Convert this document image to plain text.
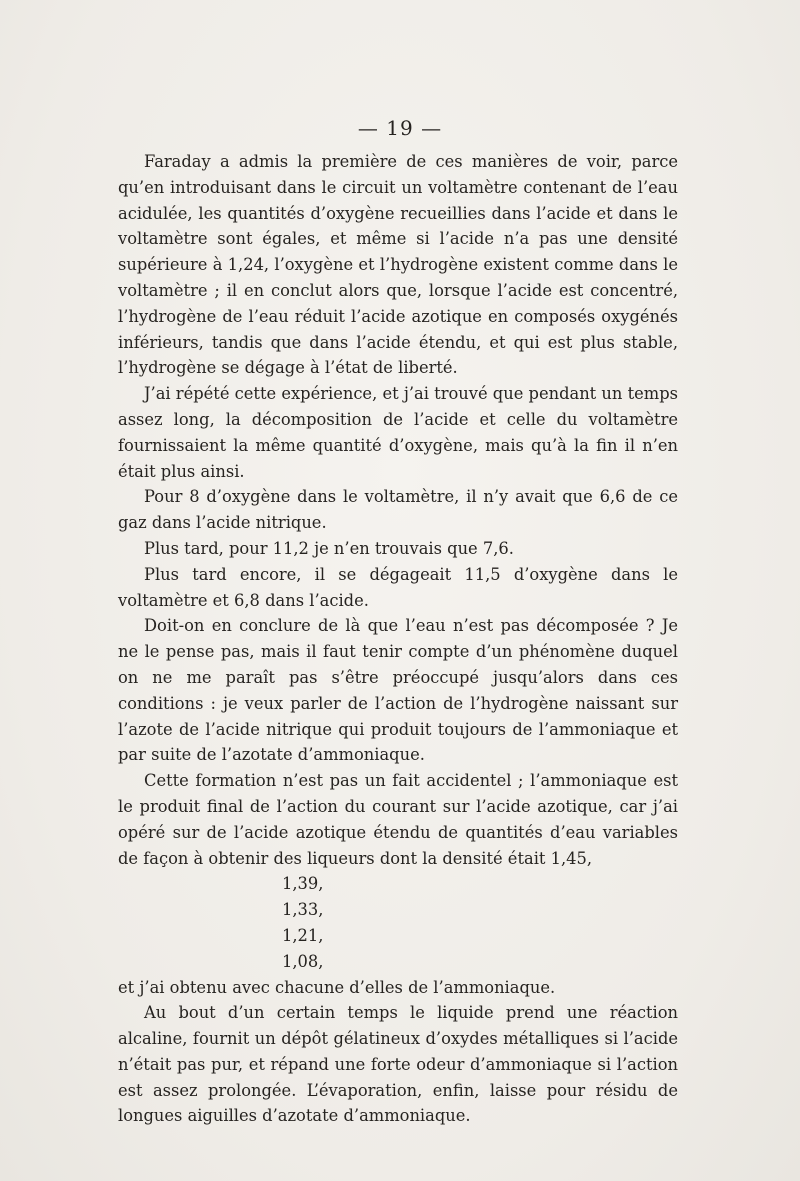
— 19 —

Faraday a admis la première de ces manières de voir, parce qu’en introduisant dans le circuit un voltamètre contenant de l’eau acidulée, les quantités d’oxygène recueillies dans l’acide et dans le voltamètre sont égales, et même si l’acide n’a pas une densité supérieure à 1,24, l’oxygène et l’hydrogène existent comme dans le voltamètre ; il en conclut alors que, lorsque l’acide est concentré, l’hydrogène de l’eau réduit l’acide azotique en composés oxygénés inférieurs, tandis que dans l’acide étendu, et qui est plus stable, l’hydrogène se dégage à l’état de liberté.

J’ai répété cette expérience, et j’ai trouvé que pendant un temps assez long, la décomposition de l’acide et celle du voltamètre fournissaient la même quantité d’oxygène, mais qu’à la fin il n’en était plus ainsi.

Pour 8 d’oxygène dans le voltamètre, il n’y avait que 6,6 de ce gaz dans l’acide nitrique.

Plus tard, pour 11,2 je n’en trouvais que 7,6.

Plus tard encore, il se dégageait 11,5 d’oxygène dans le voltamètre et 6,8 dans l’acide.

Doit-on en conclure de là que l’eau n’est pas décomposée ? Je ne le pense pas, mais il faut tenir compte d’un phénomène duquel on ne me paraît pas s’être préoccupé jusqu’alors dans ces conditions : je veux parler de l’action de l’hydrogène naissant sur l’azote de l’acide nitrique qui produit toujours de l’ammoniaque et par suite de l’azotate d’ammoniaque.

Cette formation n’est pas un fait accidentel ; l’ammoniaque est le produit final de l’action du courant sur l’acide azotique, car j’ai opéré sur de l’acide azotique étendu de quantités d’eau variables de façon à obtenir des liqueurs dont la densité était 1,45,

1,39,
1,33,
1,21,
1,08,

et j’ai obtenu avec chacune d’elles de l’ammoniaque.

Au bout d’un certain temps le liquide prend une réaction alcaline, fournit un dépôt gélatineux d’oxydes métalliques si l’acide n’était pas pur, et répand une forte odeur d’ammoniaque si l’action est assez prolongée. L’évaporation, enfin, laisse pour résidu de longues aiguilles d’azotate d’ammoniaque.
